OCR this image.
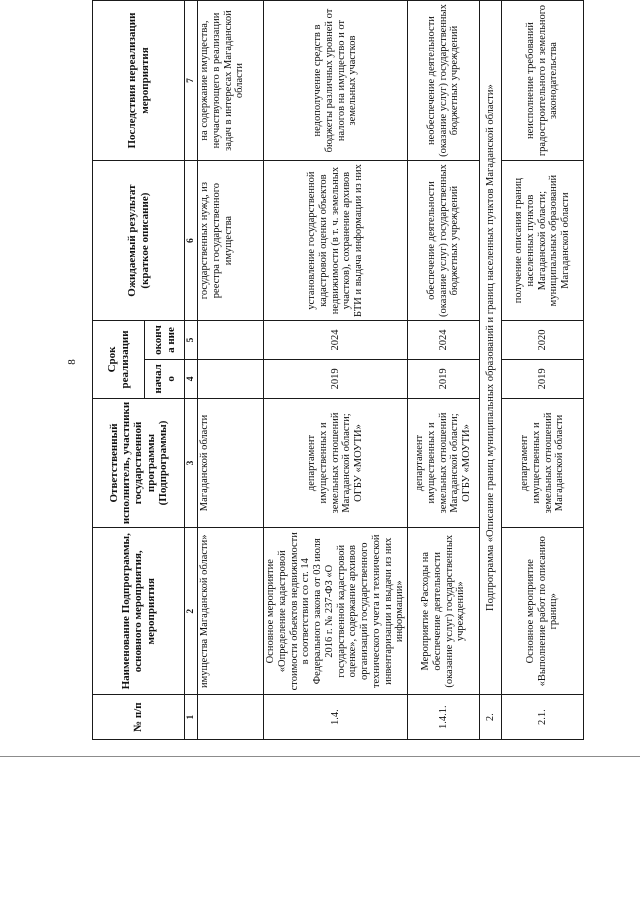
8
№ п/п	Наименование Подпрограммы, основного мероприятия, мероприятия	Ответственный исполнитель, участники государственной программы (Подпрограммы)	Срок реализации		Ожидаемый результат (краткое описание)	Последствия нереализации мероприятия
			начало	оконча ние		
1	2	3	4	5	6	7
	имущества Магаданской области»	Магаданской области			государственных нужд, из реестра государственного имущества	на содержание имущества, неучаствующего в реализации задач в интересах Магаданской области
1.4.	Основное мероприятие «Определение кадастровой стоимости объектов недвижимости в соответствии со ст. 14 Федерального закона от 03 июля 2016 г. № 237-ФЗ «О государственной кадастровой оценке», содержание архивов организаций государственного технического учета и технической инвентаризации и выдачи из них информации»	департамент имущественных и земельных отношений Магаданской области; ОГБУ «МОУТИ»	2019	2024	установление государственной кадастровой оценки объектов недвижимости (в т. ч. земельных участков), сохранение архивов БТИ и выдача информации из них	недополучение средств в бюджеты различных уровней от налогов на имущество и от земельных участков
1.4.1.	Мероприятие «Расходы на обеспечение деятельности (оказание услуг) государственных учреждений»	департамент имущественных и земельных отношений Магаданской области; ОГБУ «МОУТИ»	2019	2024	обеспечение деятельности (оказание услуг) государственных бюджетных учреждений	необеспечение деятельности (оказание услуг) государственных бюджетных учреждений
2.	Подпрограмма «Описание границ муниципальных образований и границ населенных пунктов Магаданской области»					
2.1.	Основное мероприятие «Выполнение работ по описанию границ»	департамент имущественных и земельных отношений Магаданской области	2019	2020	получение описания границ населенных пунктов Магаданской области; муниципальных образований Магаданской области	неисполнение требований градостроительного и земельного законодательства
